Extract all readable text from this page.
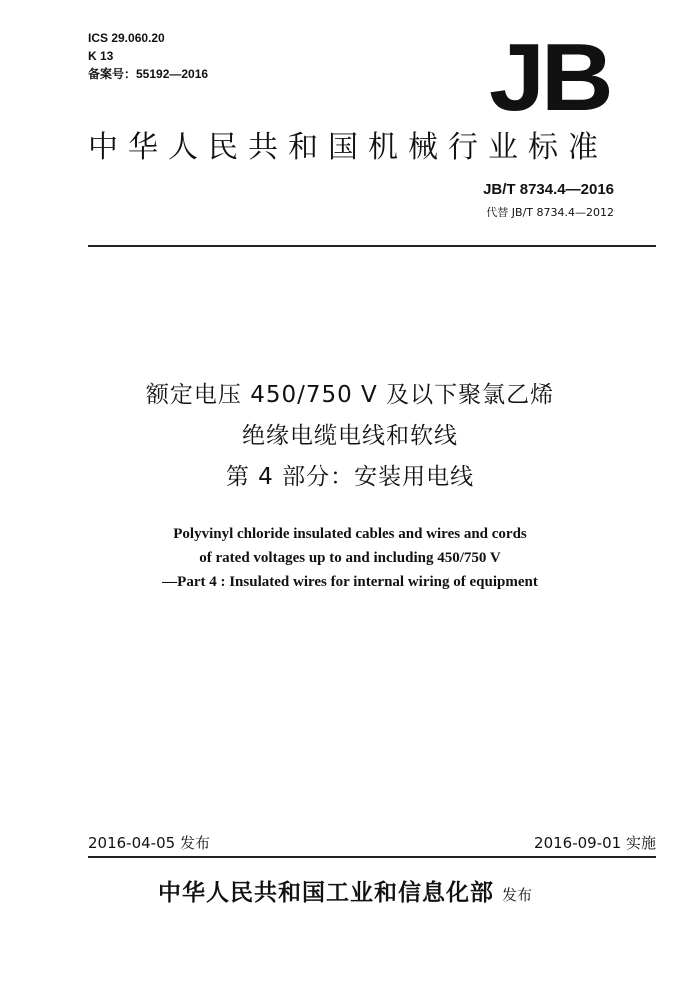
ICS 29.060.20
K 13
备案号：55192—2016	JB
中华人民共和国机械行业标准
JB/T 8734.4—2016
代替 JB/T 8734.4—2012
额定电压 450/750 V 及以下聚氯乙烯
绝缘电缆电线和软线
第 4 部分：安装用电线
Polyvinyl chloride insulated cables and wires and cords
of rated voltages up to and including 450/750 V
—Part 4 : Insulated wires for internal wiring of equipment
2016-04-05 发布	2016-09-01 实施
中华人民共和国工业和信息化部 发布
